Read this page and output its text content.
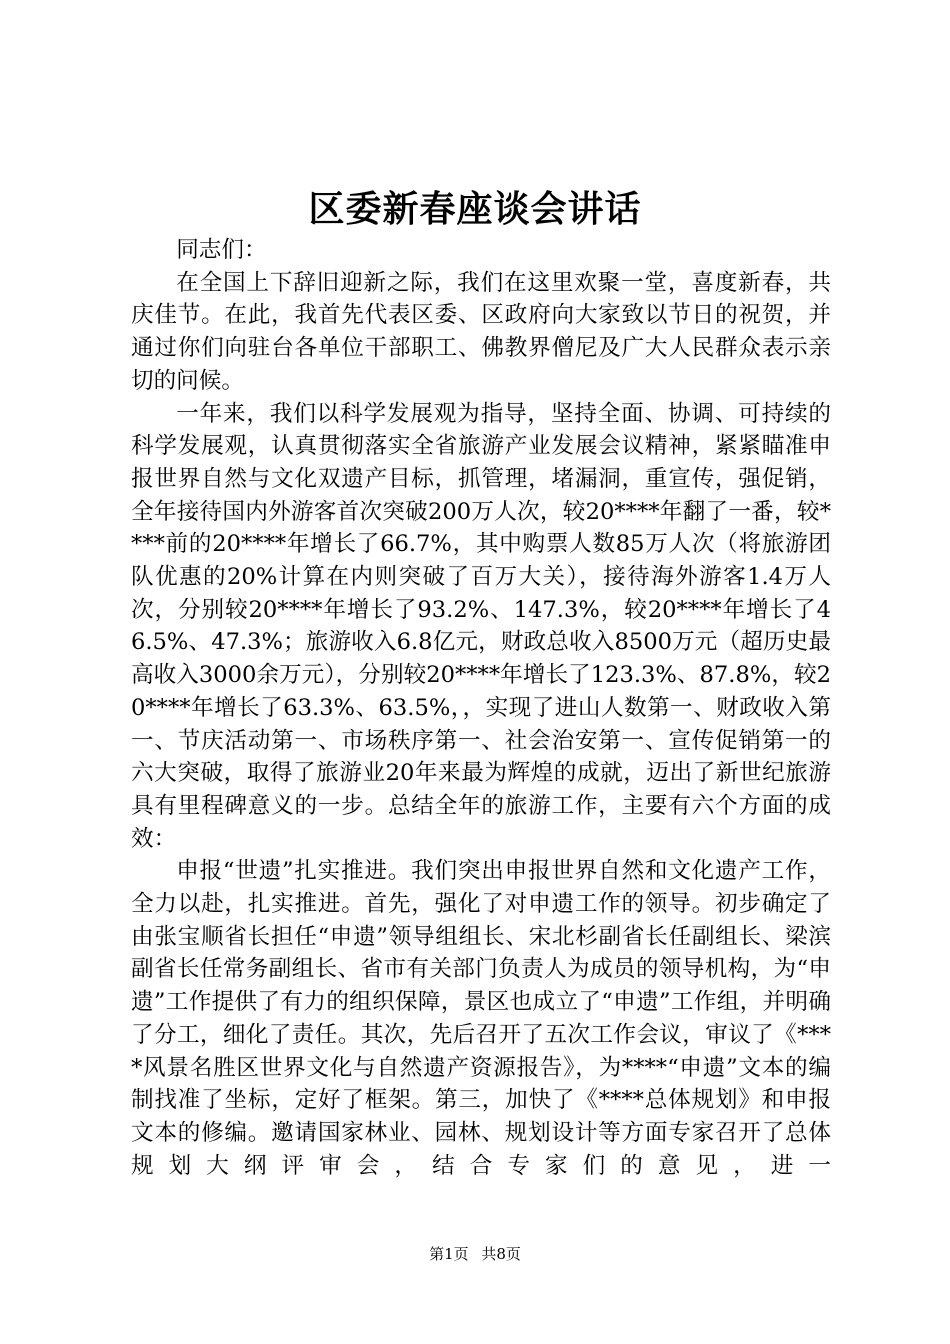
区委新春座谈会讲话

同志们：

在全国上下辞旧迎新之际，我们在这里欢聚一堂，喜度新春，共庆佳节。在此，我首先代表区委、区政府向大家致以节日的祝贺，并通过你们向驻台各单位干部职工、佛教界僧尼及广大人民群众表示亲切的问候。

一年来，我们以科学发展观为指导，坚持全面、协调、可持续的科学发展观，认真贯彻落实全省旅游产业发展会议精神，紧紧瞄准申报世界自然与文化双遗产目标，抓管理，堵漏洞，重宣传，强促销，全年接待国内外游客首次突破200万人次，较20****年翻了一番，较****前的20****年增长了66.7%，其中购票人数85万人次（将旅游团队优惠的20%计算在内则突破了百万大关），接待海外游客1.4万人次，分别较20****年增长了93.2%、147.3%，较20****年增长了46.5%、47.3%；旅游收入6.8亿元，财政总收入8500万元（超历史最高收入3000余万元），分别较20****年增长了123.3%、87.8%，较20****年增长了63.3%、63.5%，，实现了进山人数第一、财政收入第一、节庆活动第一、市场秩序第一、社会治安第一、宣传促销第一的六大突破，取得了旅游业20年来最为辉煌的成就，迈出了新世纪旅游具有里程碑意义的一步。总结全年的旅游工作，主要有六个方面的成效：

申报“世遗”扎实推进。我们突出申报世界自然和文化遗产工作，全力以赴，扎实推进。首先，强化了对申遗工作的领导。初步确定了由张宝顺省长担任“申遗”领导组组长、宋北杉副省长任副组长、梁滨副省长任常务副组长、省市有关部门负责人为成员的领导机构，为“申遗”工作提供了有力的组织保障，景区也成立了“申遗”工作组，并明确了分工，细化了责任。其次，先后召开了五次工作会议，审议了《****风景名胜区世界文化与自然遗产资源报告》，为****“申遗”文本的编制找准了坐标，定好了框架。第三，加快了《****总体规划》和申报文本的修编。邀请国家林业、园林、规划设计等方面专家召开了总体规划大纲评审会，结合专家们的意见，进一

第1页 共8页
